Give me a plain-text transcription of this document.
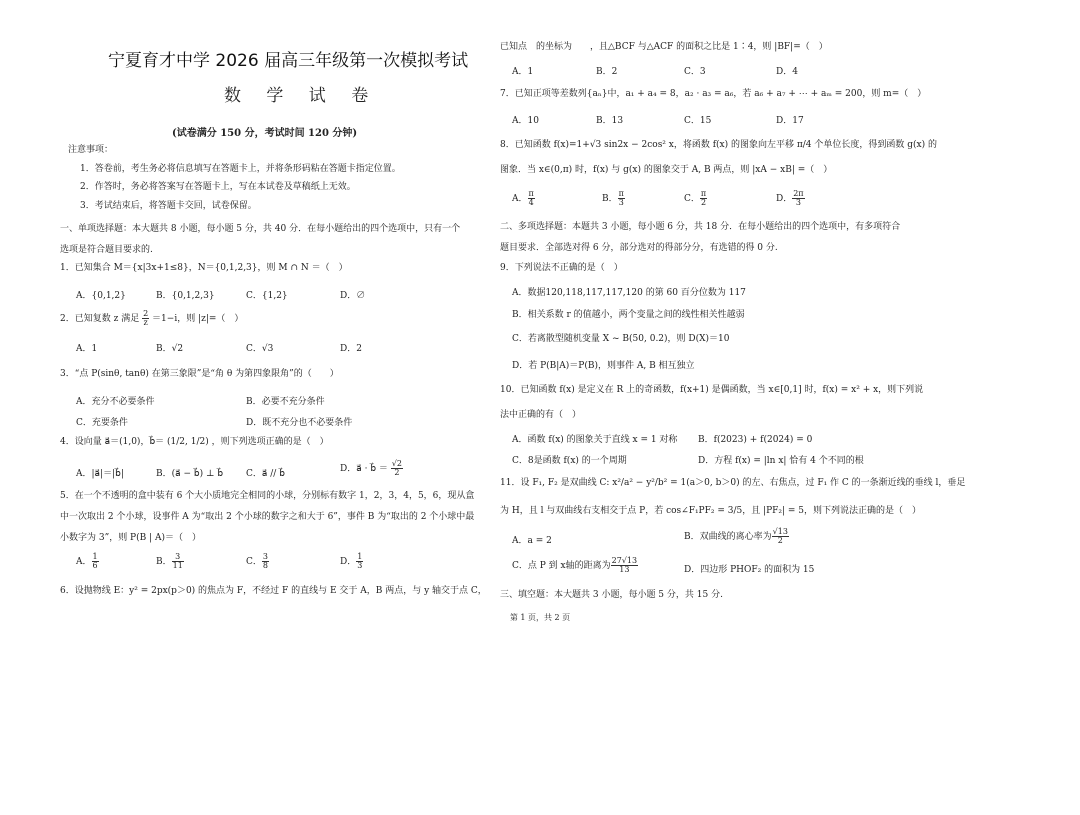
宁夏育才中学 2026 届高三年级第一次模拟考试
数 学 试 卷
(试卷满分 150 分，考试时间 120 分钟)
注意事项：
1．答卷前，考生务必将信息填写在答题卡上，并将条形码粘在答题卡指定位置。
2．作答时，务必将答案写在答题卡上，写在本试卷及草稿纸上无效。
3．考试结束后，将答题卡交回，试卷保留。
一、单项选择题：本大题共 8 小题，每小题 5 分，共 40 分．在每小题给出的四个选项中，只有一个
选项是符合题目要求的.
1．已知集合 M＝{x|3x+1≤8}，N＝{0,1,2,3}，则 M ∩ N ＝（　）
A．{0,1,2}	B．{0,1,2,3}	C．{1,2}	D．∅
2．已知复数 z 满足 $\frac{2}{z} =1-i$，则 |z|=（　）
A．1	B．√2	C．√3	D．2
3．“点 P(sinθ, tanθ) 在第三象限”是“角 θ 为第四象限角”的（　　）
A．充分不必要条件	B．必要不充分条件
C．充要条件	D．既不充分也不必要条件
4．设向量 a⃗＝(1,0)，b⃗＝ (1/2, 1/2) ，则下列选项正确的是（　）
A．|a⃗|＝|b⃗|	B．(a⃗ − b⃗) ⊥ b⃗	C．a⃗ // b⃗	D．a⃗ · b⃗ ＝ $\frac{√2}{2}$
5．在一个不透明的盒中装有 6 个大小质地完全相同的小球，分别标有数字 1，2，3，4，5，6，现从盒
中一次取出 2 个小球，设事件 A 为“取出 2 个小球的数字之和大于 6”，事件 B 为“取出的 2 个小球中最
小数字为 3”，则 P(B | A)＝（　）
A． $\frac{1}{6}$	B． $\frac{3}{11}$	C． $\frac{3}{8}$	D． $\frac{1}{3}$
6．设抛物线 E：y² = 2px(p＞0) 的焦点为 F，不经过 F 的直线与 E 交于 A，B 两点，与 y 轴交于点 C，
已知点　的坐标为　　，且△BCF 与△ACF 的面积之比是 1∶4，则 |BF|=（　）
A．1	B．2	C．3	D．4
7．已知正项等差数列{aₙ}中，a₁ + a₄ = 8，a₂ · a₃ = a₆，若 a₆ + a₇ + ⋯ + aₘ = 200，则 m=（　）
A．10	B．13	C．15	D．17
8．已知函数 f(x)=1+√3 sin2x − 2cos² x，将函数 f(x) 的图象向左平移 π/4 个单位长度，得到函数 g(x) 的
图象．当 x∈(0,π) 时，f(x) 与 g(x) 的图象交于 A, B 两点，则 |xA − xB| =（　）
A． $\frac{\pi}{4}$	B． $\frac{\pi}{3}$	C． $\frac{\pi}{2}$	D． $\frac{2\pi}{3}$
二、多项选择题：本题共 3 小题，每小题 6 分，共 18 分．在每小题给出的四个选项中，有多项符合
题目要求．全部选对得 6 分，部分选对的得部分分，有选错的得 0 分.
9．下列说法不正确的是（　）
A．数据120,118,117,117,120 的第 60 百分位数为 117
B．相关系数 r 的值越小，两个变量之间的线性相关性越弱
C．若离散型随机变量 X ~ B(50, 0.2)，则 D(X)＝10
D．若 P(B|A)＝P(B)，则事件 A, B 相互独立
10．已知函数 f(x) 是定义在 R 上的奇函数，f(x+1) 是偶函数，当 x∈[0,1] 时，f(x) = x² + x，则下列说
法中正确的有（　）
A．函数 f(x) 的图象关于直线 x = 1 对称 B．f(2023) + f(2024) = 0
C．8是函数 f(x) 的一个周期	D．方程 f(x) = |ln x| 恰有 4 个不同的根
11．设 F₁, F₂ 是双曲线 C: x²/a² − y²/b² = 1(a＞0, b＞0) 的左、右焦点，过 F₁ 作 C 的一条渐近线的垂线 l，垂足
为 H，且 l 与双曲线右支相交于点 P，若 cos∠F₁PF₂ = 3/5，且 |PF₂| = 5，则下列说法正确的是（　）
A．a = 2	B．双曲线的离心率为 $\frac{√13}{2}$
C．点 P 到 x轴的距离为 $\frac{27√13}{13}$	D．四边形 PHOF₂ 的面积为 15
三、填空题：本大题共 3 小题，每小题 5 分，共 15 分.
第 1 页，共 2 页
